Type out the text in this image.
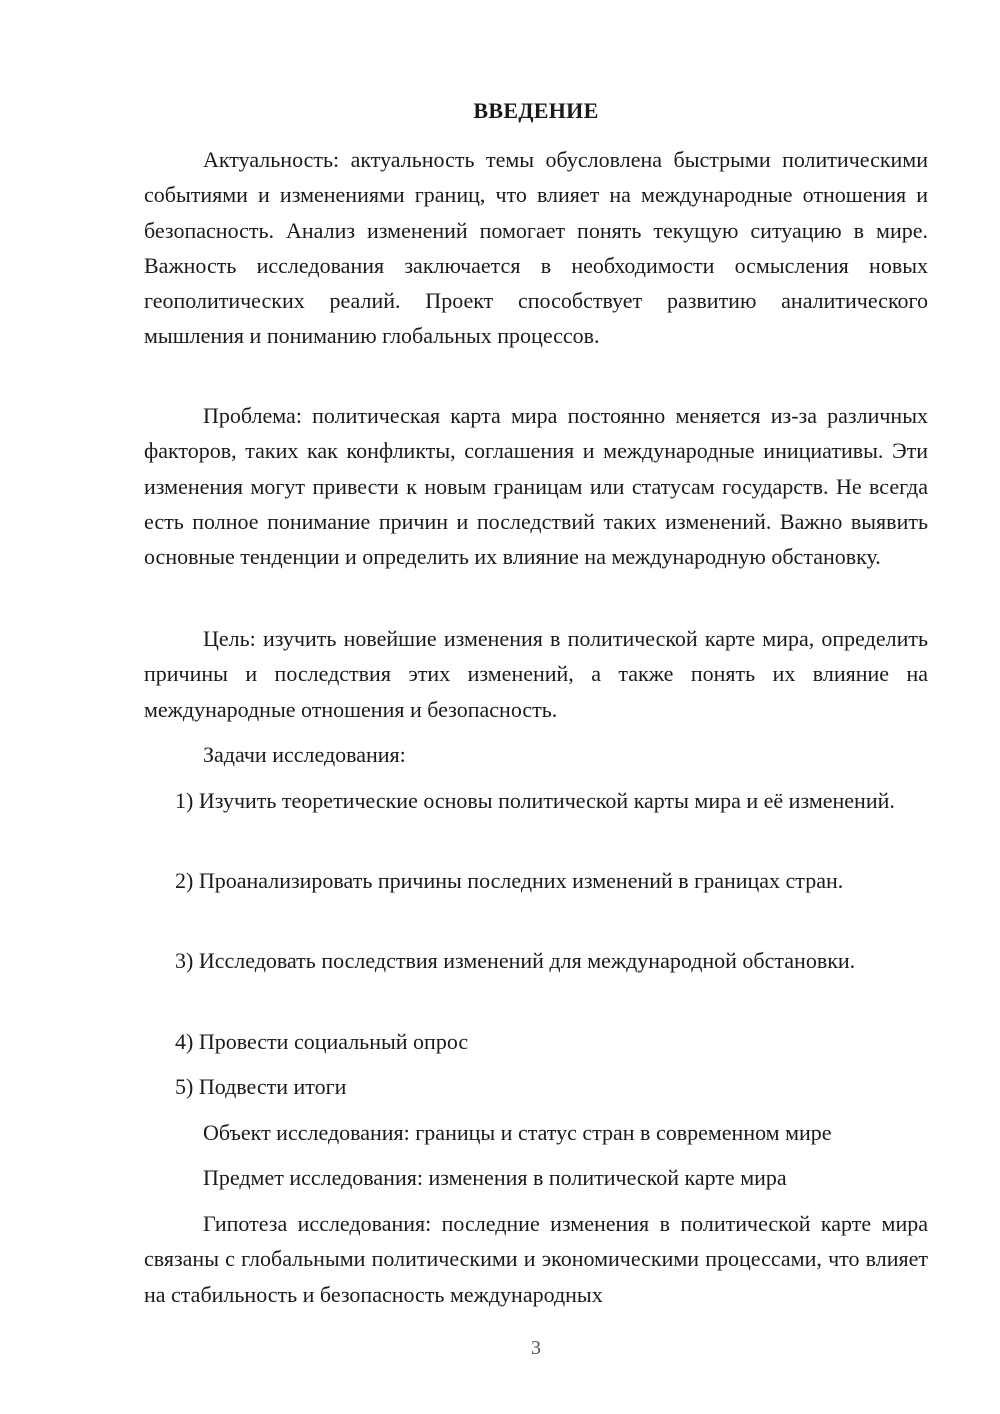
ВВЕДЕНИЕ

Актуальность: актуальность темы обусловлена быстрыми политическими событиями и изменениями границ, что влияет на международные отношения и безопасность. Анализ изменений помогает понять текущую ситуацию в мире. Важность исследования заключается в необходимости осмысления новых геополитических реалий. Проект способствует развитию аналитического мышления и пониманию глобальных процессов.

Проблема: политическая карта мира постоянно меняется из-за различных факторов, таких как конфликты, соглашения и международные инициативы. Эти изменения могут привести к новым границам или статусам государств. Не всегда есть полное понимание причин и последствий таких изменений. Важно выявить основные тенденции и определить их влияние на международную обстановку.

Цель: изучить новейшие изменения в политической карте мира, определить причины и последствия этих изменений, а также понять их влияние на международные отношения и безопасность.

Задачи исследования:

1) Изучить теоретические основы политической карты мира и её изменений.

2) Проанализировать причины последних изменений в границах стран.

3) Исследовать последствия изменений для международной обстановки.

4) Провести социальный опрос

5) Подвести итоги

Объект исследования: границы и статус стран в современном мире

Предмет исследования: изменения в политической карте мира

Гипотеза исследования: последние изменения в политической карте мира связаны с глобальными политическими и экономическими процессами, что влияет на стабильность и безопасность международных

3
